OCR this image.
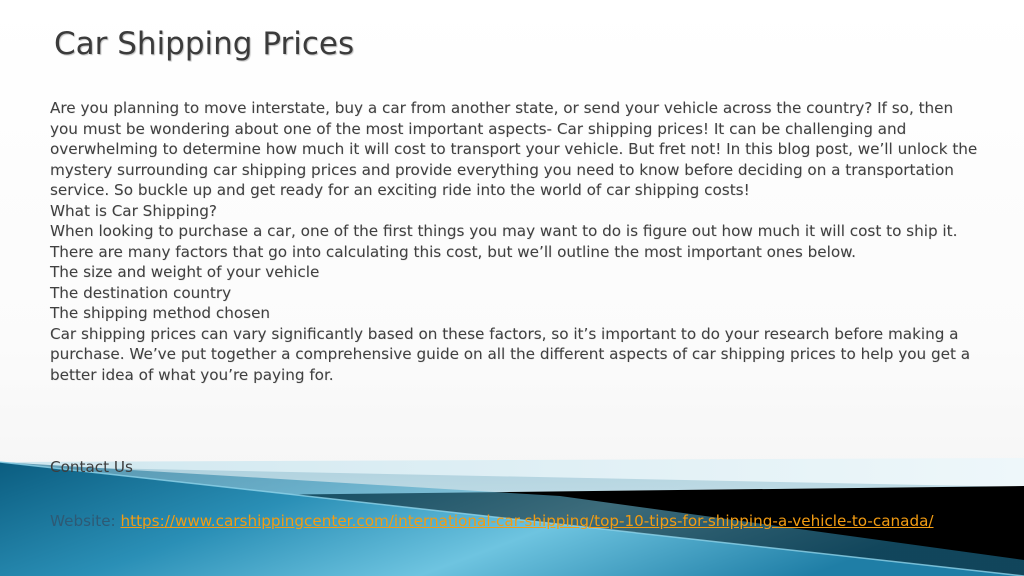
Car Shipping Prices

Are you planning to move interstate, buy a car from another state, or send your vehicle across the country? If so, then you must be wondering about one of the most important aspects- Car shipping prices! It can be challenging and overwhelming to determine how much it will cost to transport your vehicle. But fret not! In this blog post, we’ll unlock the mystery surrounding car shipping prices and provide everything you need to know before deciding on a transportation service. So buckle up and get ready for an exciting ride into the world of car shipping costs!

What is Car Shipping?

When looking to purchase a car, one of the first things you may want to do is figure out how much it will cost to ship it. There are many factors that go into calculating this cost, but we’ll outline the most important ones below.

The size and weight of your vehicle

The destination country

The shipping method chosen

Car shipping prices can vary significantly based on these factors, so it’s important to do your research before making a purchase. We’ve put together a comprehensive guide on all the different aspects of car shipping prices to help you get a better idea of what you’re paying for.

Contact Us
Website: https://www.carshippingcenter.com/international-car-shipping/top-10-tips-for-shipping-a-vehicle-to-canada/
